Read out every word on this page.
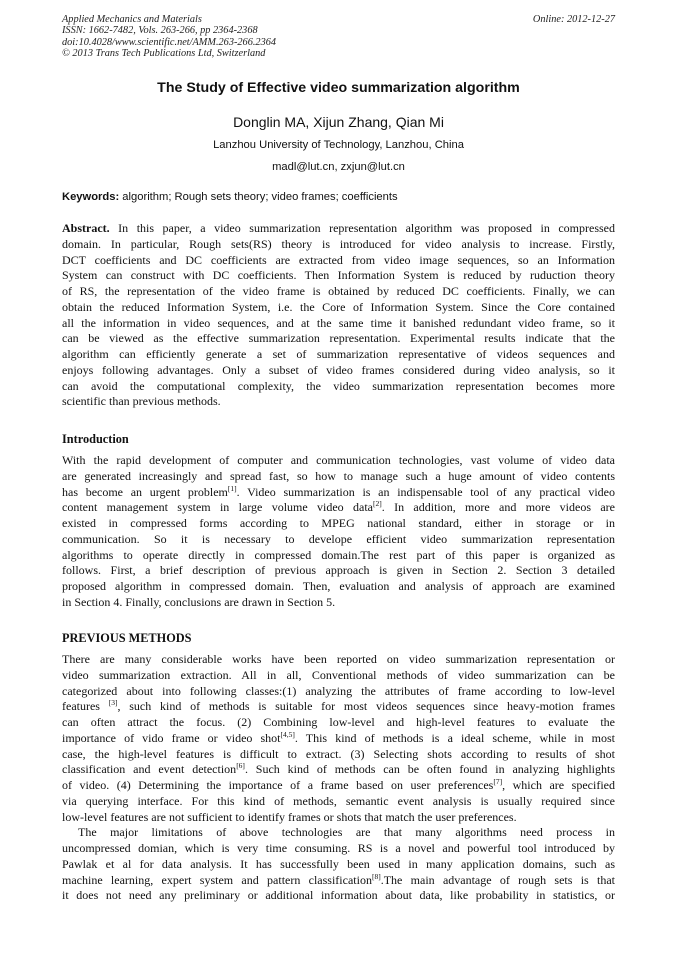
Applied Mechanics and Materials
ISSN: 1662-7482, Vols. 263-266, pp 2364-2368
doi:10.4028/www.scientific.net/AMM.263-266.2364
© 2013 Trans Tech Publications Ltd, Switzerland
Online: 2012-12-27
The Study of Effective video summarization algorithm
Donglin MA, Xijun Zhang, Qian Mi
Lanzhou University of Technology, Lanzhou, China
madl@lut.cn, zxjun@lut.cn
Keywords: algorithm; Rough sets theory; video frames; coefficients
Abstract. In this paper, a video summarization representation algorithm was proposed in compressed
domain. In particular, Rough sets(RS) theory is introduced for video analysis to increase. Firstly,
DCT coefficients and DC coefficients are extracted from video image sequences, so an Information
System can construct with DC coefficients. Then Information System is reduced by ruduction theory
of RS, the representation of the video frame is obtained by reduced DC coefficients. Finally, we can
obtain the reduced Information System, i.e. the Core of Information System. Since the Core contained
all the information in video sequences, and at the same time it banished redundant video frame, so it
can be viewed as the effective summarization representation. Experimental results indicate that the
algorithm can efficiently generate a set of summarization representative of videos sequences and
enjoys following advantages. Only a subset of video frames considered during video analysis, so it
can avoid the computational complexity, the video summarization representation becomes more
scientific than previous methods.
Introduction
With the rapid development of computer and communication technologies, vast volume of video data
are generated increasingly and spread fast, so how to manage such a huge amount of video contents
has become an urgent problem[1]. Video summarization is an indispensable tool of any practical video
content management system in large volume video data[2]. In addition, more and more videos are
existed in compressed forms according to MPEG national standard, either in storage or in
communication. So it is necessary to develope efficient video summarization representation
algorithms to operate directly in compressed domain.The rest part of this paper is organized as
follows. First, a brief description of previous approach is given in Section 2. Section 3 detailed
proposed algorithm in compressed domain. Then, evaluation and analysis of approach are examined
in Section 4. Finally, conclusions are drawn in Section 5.
PREVIOUS METHODS
There are many considerable works have been reported on video summarization representation or
video summarization extraction. All in all, Conventional methods of video summarization can be
categorized about into following classes:(1) analyzing the attributes of frame according to low-level
features [3], such kind of methods is suitable for most videos sequences since heavy-motion frames
can often attract the focus. (2) Combining low-level and high-level features to evaluate the
importance of vido frame or video shot[4,5]. This kind of methods is a ideal scheme, while in most
case, the high-level features is difficult to extract. (3) Selecting shots according to results of shot
classification and event detection[6]. Such kind of methods can be often found in analyzing highlights
of video. (4) Determining the importance of a frame based on user preferences[7], which are specified
via querying interface. For this kind of methods, semantic event analysis is usually required since
low-level features are not sufficient to identify frames or shots that match the user preferences.
The major limitations of above technologies are that many algorithms need process in
uncompressed domian, which is very time consuming. RS is a novel and powerful tool introduced by
Pawlak et al for data analysis. It has successfully been used in many application domains, such as
machine learning, expert system and pattern classification[8].The main advantage of rough sets is that
it does not need any preliminary or additional information about data, like probability in statistics, or
